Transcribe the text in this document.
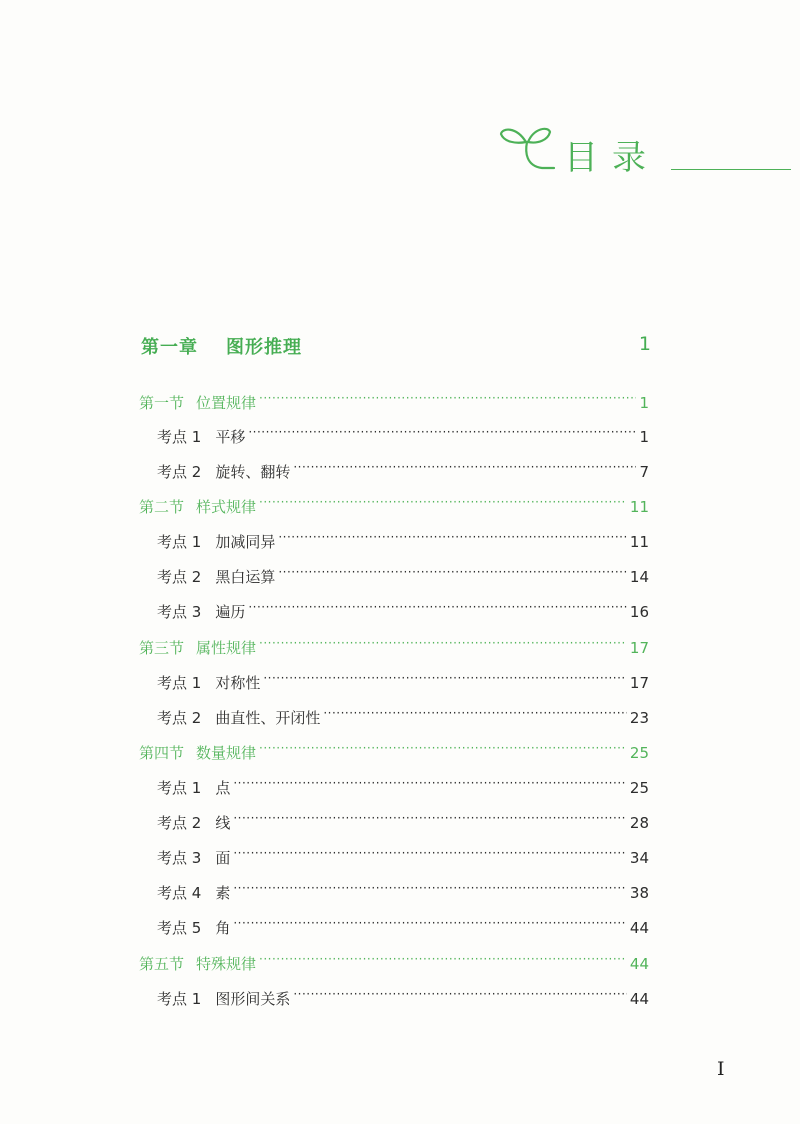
目录
第一章 图形推理	1
第一节 位置规律 ·····	1
考点 1 平移 ·····	1
考点 2 旋转、翻转 ·····	7
第二节 样式规律 ·····	11
考点 1 加减同异 ·····	11
考点 2 黑白运算 ·····	14
考点 3 遍历 ·····	16
第三节 属性规律 ·····	17
考点 1 对称性 ·····	17
考点 2 曲直性、开闭性 ·····	23
第四节 数量规律 ·····	25
考点 1 点 ·····	25
考点 2 线 ·····	28
考点 3 面 ·····	34
考点 4 素 ·····	38
考点 5 角 ·····	44
第五节 特殊规律 ·····	44
考点 1 图形间关系 ·····	44
I
